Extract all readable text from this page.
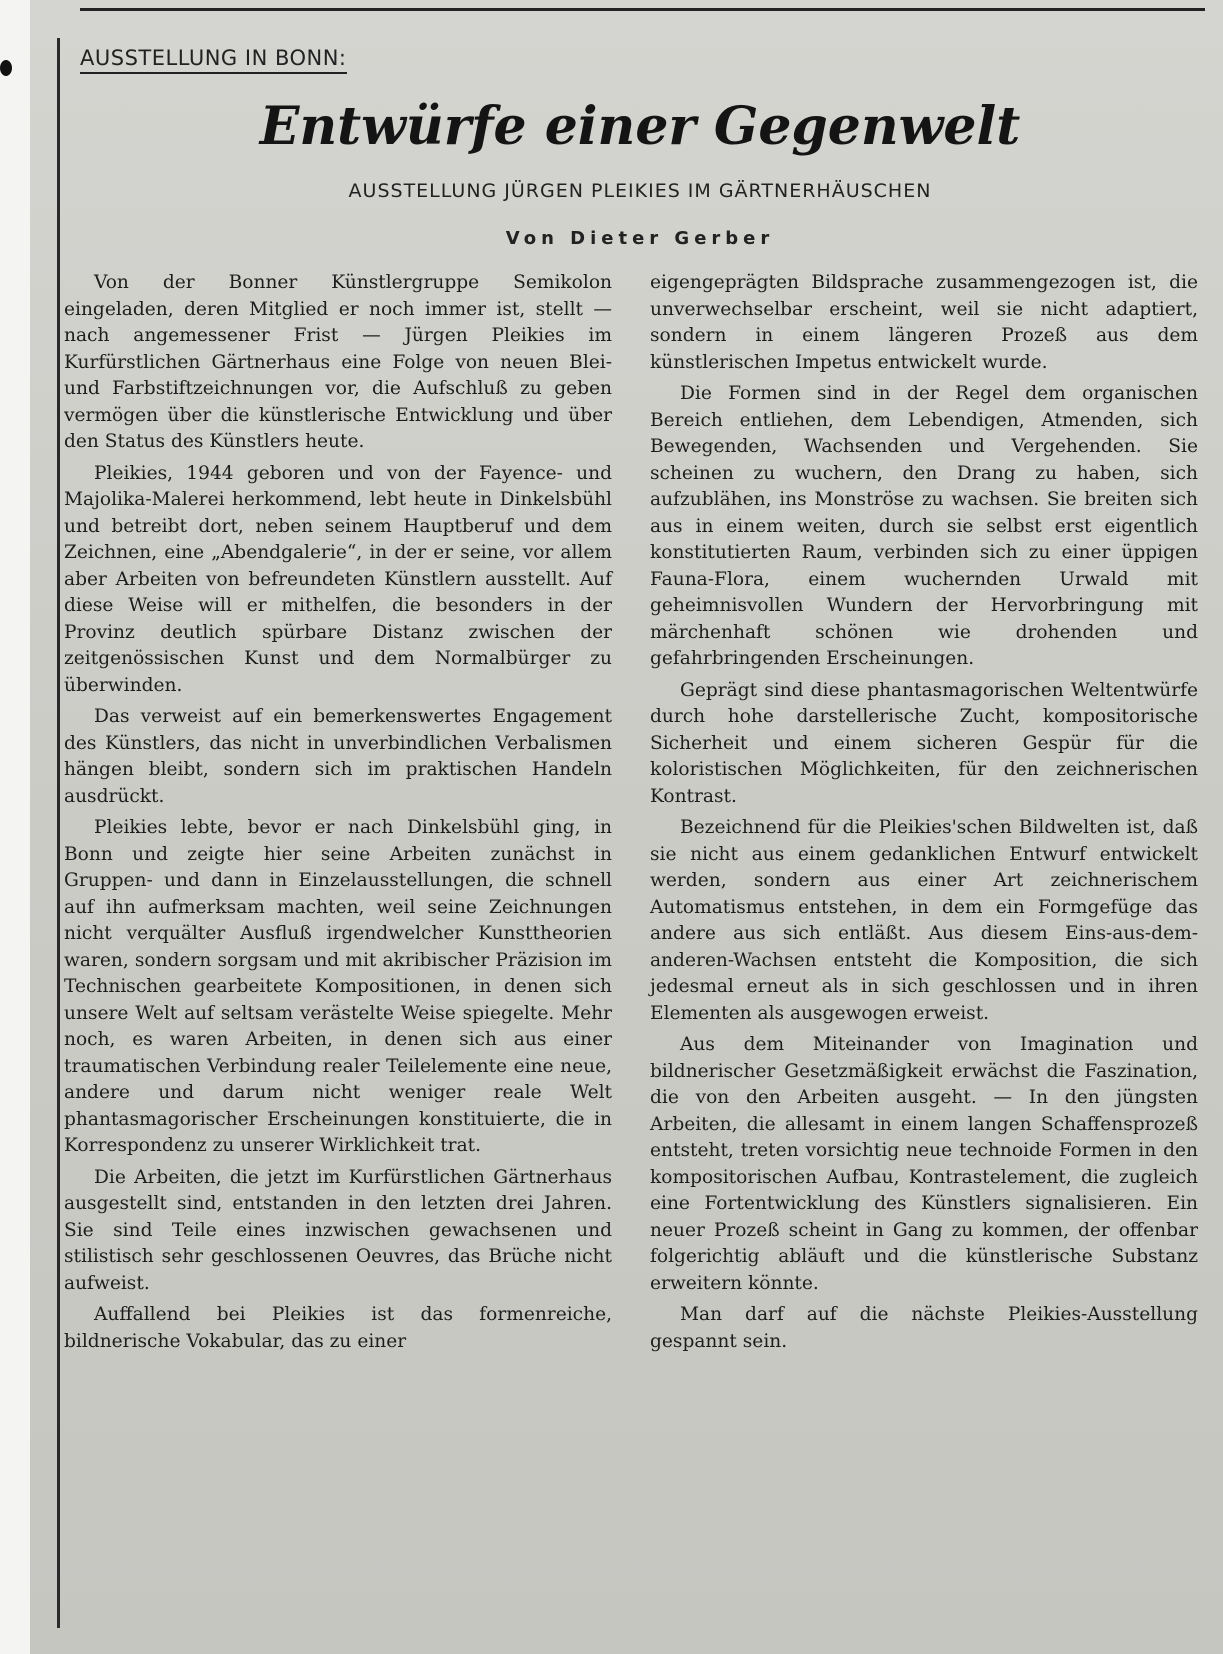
AUSSTELLUNG IN BONN:
Entwürfe einer Gegenwelt
AUSSTELLUNG JÜRGEN PLEIKIES IM GÄRTNERHÄUSCHEN
Von Dieter Gerber

Von der Bonner Künstlergruppe Semikolon eingeladen, deren Mitglied er noch immer ist, stellt — nach angemessener Frist — Jürgen Pleikies im Kurfürstlichen Gärtnerhaus eine Folge von neuen Blei- und Farbstiftzeichnungen vor, die Aufschluß zu geben vermögen über die künstlerische Entwicklung und über den Status des Künstlers heute.

Pleikies, 1944 geboren und von der Fayence- und Majolika-Malerei herkommend, lebt heute in Dinkelsbühl und betreibt dort, neben seinem Hauptberuf und dem Zeichnen, eine „Abendgalerie“, in der er seine, vor allem aber Arbeiten von befreundeten Künstlern ausstellt. Auf diese Weise will er mithelfen, die besonders in der Provinz deutlich spürbare Distanz zwischen der zeitgenössischen Kunst und dem Normalbürger zu überwinden.

Das verweist auf ein bemerkenswertes Engagement des Künstlers, das nicht in unverbindlichen Verbalismen hängen bleibt, sondern sich im praktischen Handeln ausdrückt.

Pleikies lebte, bevor er nach Dinkelsbühl ging, in Bonn und zeigte hier seine Arbeiten zunächst in Gruppen- und dann in Einzelausstellungen, die schnell auf ihn aufmerksam machten, weil seine Zeichnungen nicht verquälter Ausfluß irgendwelcher Kunsttheorien waren, sondern sorgsam und mit akribischer Präzision im Technischen gearbeitete Kompositionen, in denen sich unsere Welt auf seltsam verästelte Weise spiegelte. Mehr noch, es waren Arbeiten, in denen sich aus einer traumatischen Verbindung realer Teilelemente eine neue, andere und darum nicht weniger reale Welt phantasmagorischer Erscheinungen konstituierte, die in Korrespondenz zu unserer Wirklichkeit trat.

Die Arbeiten, die jetzt im Kurfürstlichen Gärtnerhaus ausgestellt sind, entstanden in den letzten drei Jahren. Sie sind Teile eines inzwischen gewachsenen und stilistisch sehr geschlossenen Oeuvres, das Brüche nicht aufweist.

Auffallend bei Pleikies ist das formenreiche, bildnerische Vokabular, das zu einer

eigengeprägten Bildsprache zusammengezogen ist, die unverwechselbar erscheint, weil sie nicht adaptiert, sondern in einem längeren Prozeß aus dem künstlerischen Impetus entwickelt wurde.

Die Formen sind in der Regel dem organischen Bereich entliehen, dem Lebendigen, Atmenden, sich Bewegenden, Wachsenden und Vergehenden. Sie scheinen zu wuchern, den Drang zu haben, sich aufzublähen, ins Monströse zu wachsen. Sie breiten sich aus in einem weiten, durch sie selbst erst eigentlich konstitutierten Raum, verbinden sich zu einer üppigen Fauna-Flora, einem wuchernden Urwald mit geheimnisvollen Wundern der Hervorbringung mit märchenhaft schönen wie drohenden und gefahrbringenden Erscheinungen.

Geprägt sind diese phantasmagorischen Weltentwürfe durch hohe darstellerische Zucht, kompositorische Sicherheit und einem sicheren Gespür für die koloristischen Möglichkeiten, für den zeichnerischen Kontrast.

Bezeichnend für die Pleikies'schen Bildwelten ist, daß sie nicht aus einem gedanklichen Entwurf entwickelt werden, sondern aus einer Art zeichnerischem Automatismus entstehen, in dem ein Formgefüge das andere aus sich entläßt. Aus diesem Eins-aus-dem-anderen-Wachsen entsteht die Komposition, die sich jedesmal erneut als in sich geschlossen und in ihren Elementen als ausgewogen erweist.

Aus dem Miteinander von Imagination und bildnerischer Gesetzmäßigkeit erwächst die Faszination, die von den Arbeiten ausgeht. — In den jüngsten Arbeiten, die allesamt in einem langen Schaffensprozeß entsteht, treten vorsichtig neue technoide Formen in den kompositorischen Aufbau, Kontrastelement, die zugleich eine Fortentwicklung des Künstlers signalisieren. Ein neuer Prozeß scheint in Gang zu kommen, der offenbar folgerichtig abläuft und die künstlerische Substanz erweitern könnte.

Man darf auf die nächste Pleikies-Ausstellung gespannt sein.
